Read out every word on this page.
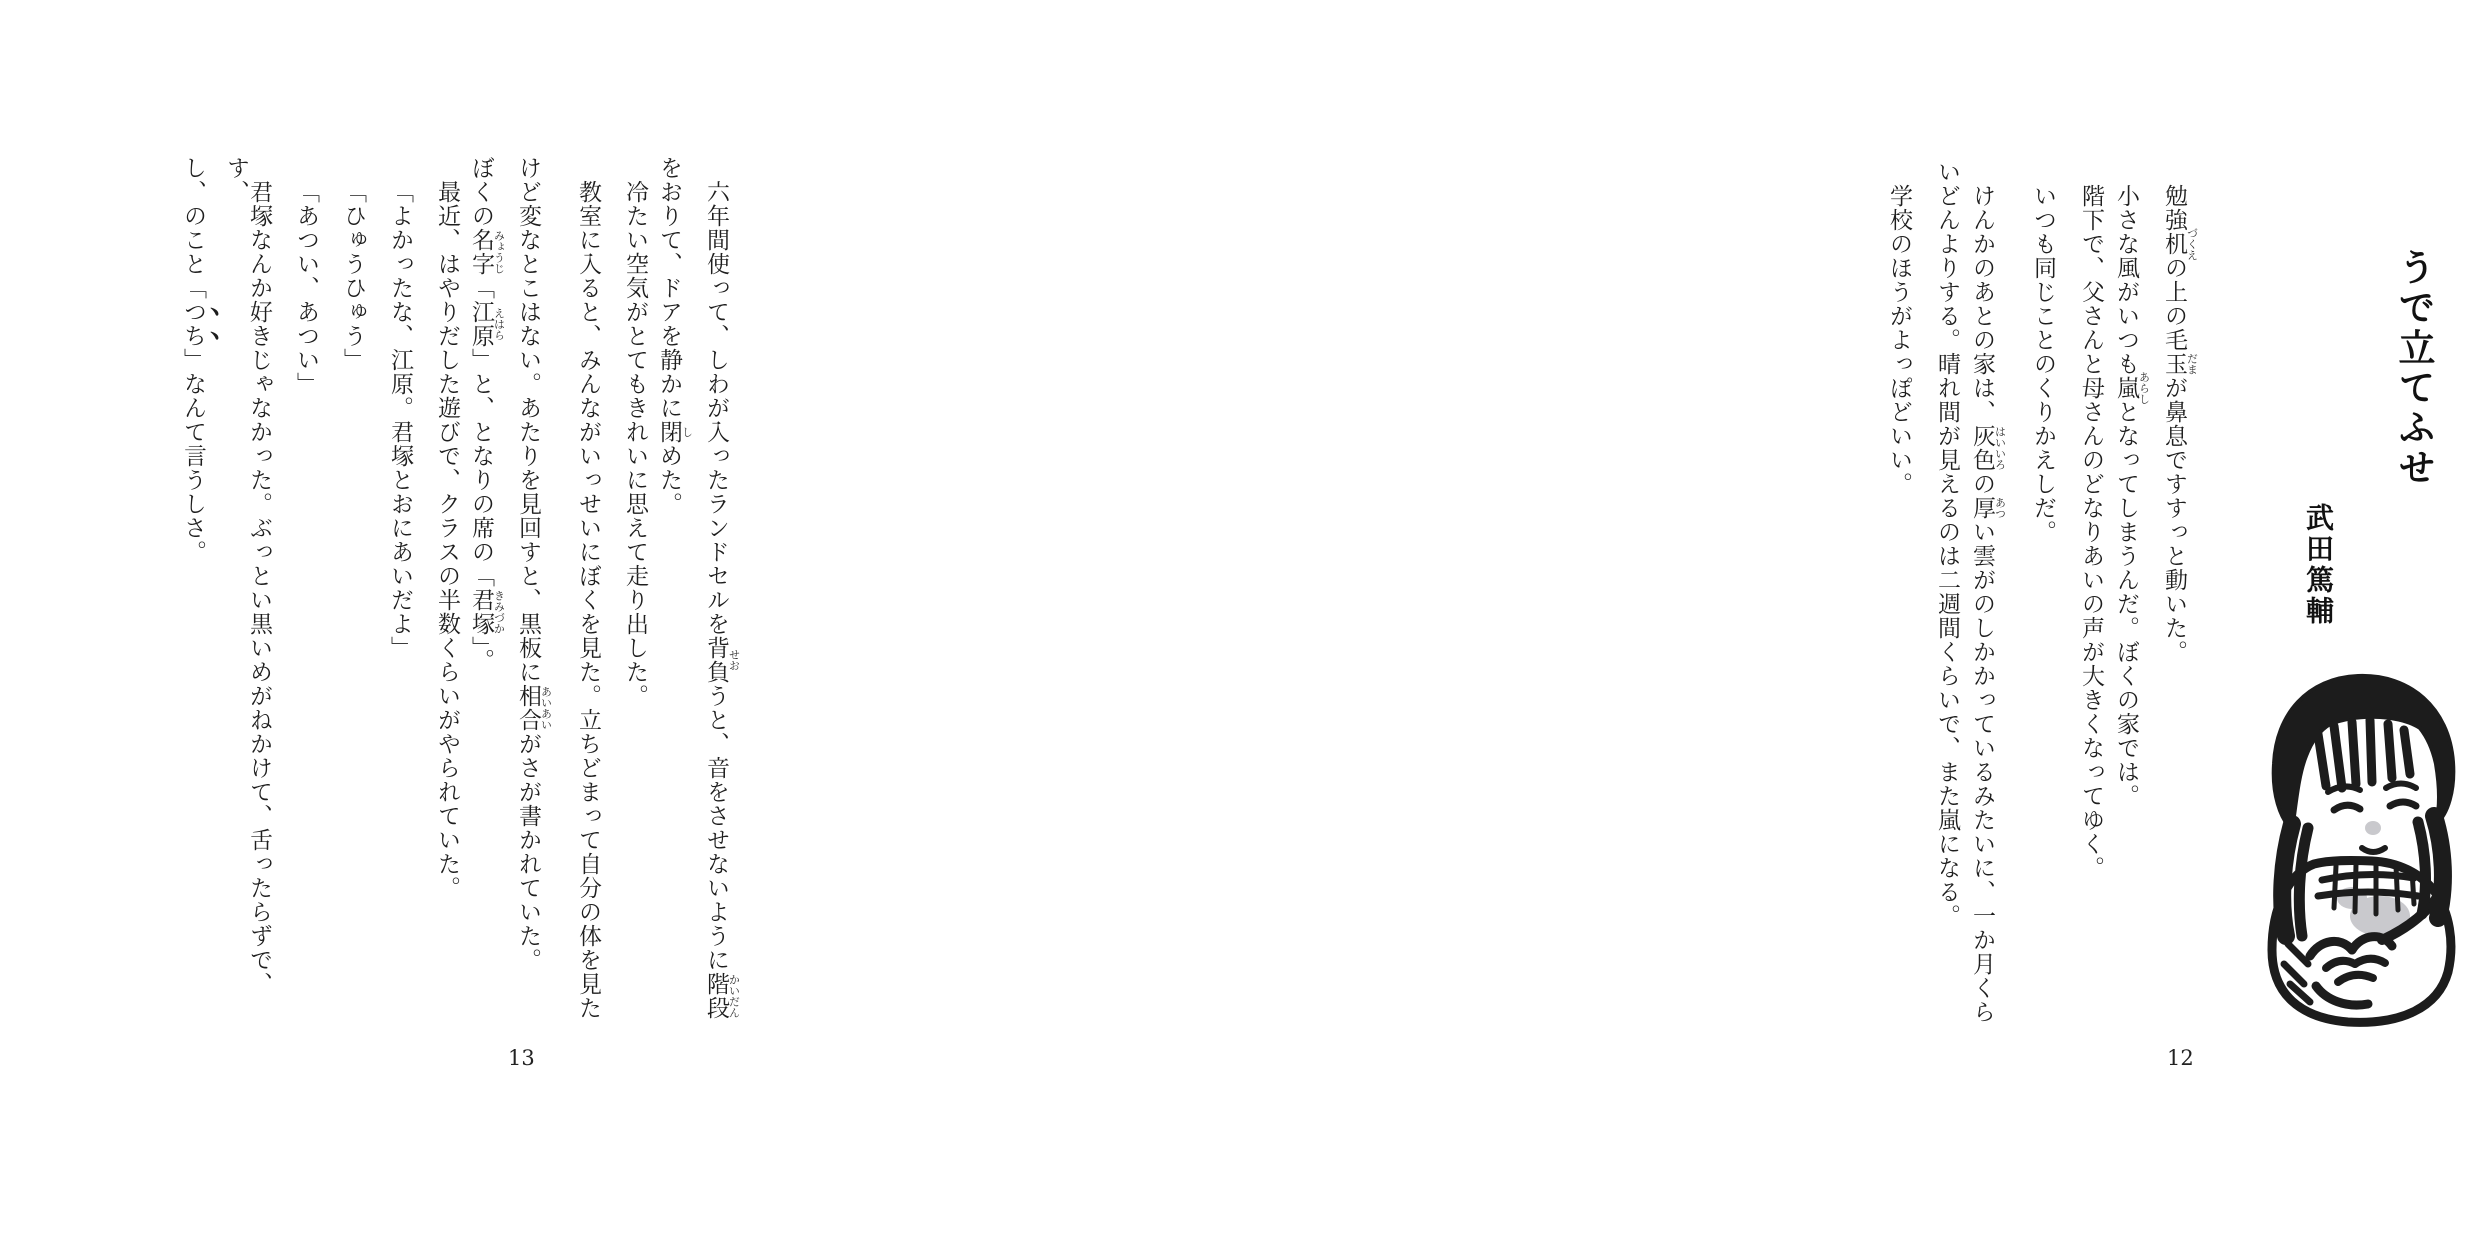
六年間使って、しわが入ったランドセルを背負せおうと、音をさせないように階段かいだん
をおりて、ドアを静かに閉しめた。
冷たい空気がとてもきれいに思えて走り出した。
教室に入ると、みんながいっせいにぼくを見た。立ちどまって自分の体を見た
けど変なとこはない。あたりを見回すと、黒板に相合あいあいがさが書かれていた。
ぼくの名字みょうじ「江原えはら」と、となりの席の「君塚きみづか」。
最近、はやりだした遊びで、クラスの半数くらいがやられていた。
「よかったな、江原。君塚とおにあいだよ」
「ひゅうひゅう」
「あつい、あつい」
君塚なんか好きじゃなかった。ぶっとい黒いめがねかけて、舌ったらずで、す、
し、のこと「つち」なんて言うしさ。
13
うで立てふせ
武田篤輔
勉強机づくえの上の毛玉だまが鼻息ですすっと動いた。
小さな風がいつも嵐あらしとなってしまうんだ。ぼくの家では。
階下で、父さんと母さんのどなりあいの声が大きくなってゆく。
いつも同じことのくりかえしだ。
けんかのあとの家は、灰色はいいろの厚あつい雲がのしかかっているみたいに、一か月くら
いどんよりする。晴れ間が見えるのは二週間くらいで、また嵐になる。
学校のほうがよっぽどいい。
12
